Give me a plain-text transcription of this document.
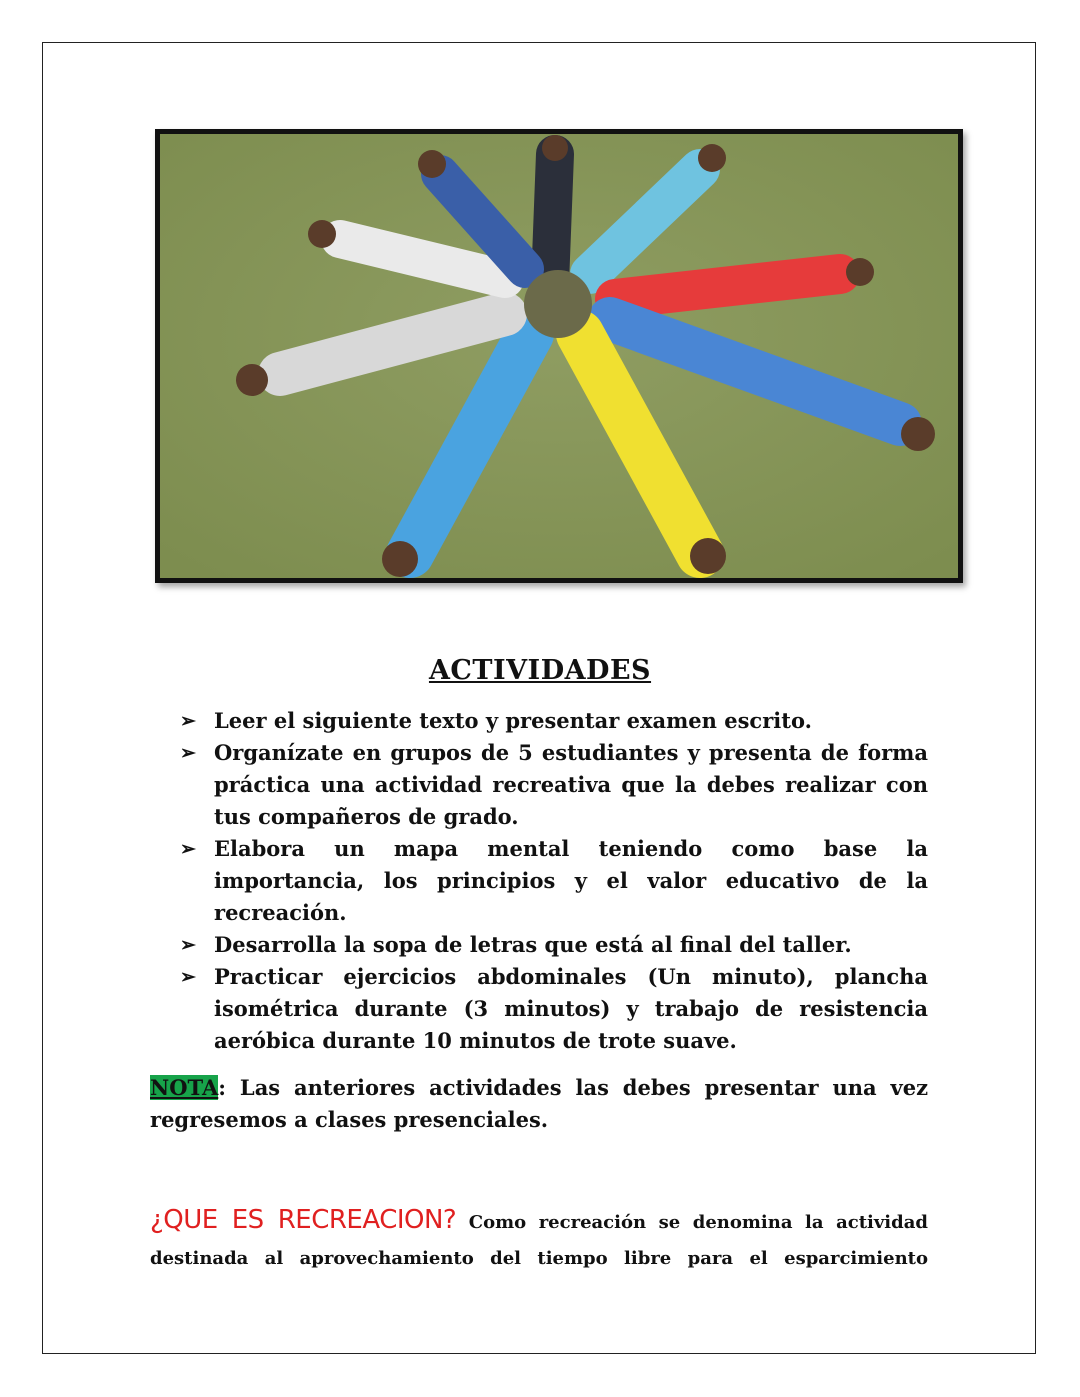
ACTIVIDADES
➢ Leer el siguiente texto y presentar examen escrito.
➢ Organízate en grupos de 5 estudiantes y presenta de forma práctica una actividad recreativa que la debes realizar con tus compañeros de grado.
➢ Elabora un mapa mental teniendo como base la importancia, los principios y el valor educativo de la recreación.
➢ Desarrolla la sopa de letras que está al final del taller.
➢ Practicar ejercicios abdominales (Un minuto), plancha isométrica durante (3 minutos) y trabajo de resistencia aeróbica durante 10 minutos de trote suave.
NOTA: Las anteriores actividades las debes presentar una vez regresemos a clases presenciales.
¿QUE ES RECREACION? Como recreación se denomina la actividad destinada al aprovechamiento del tiempo libre para el esparcimiento
